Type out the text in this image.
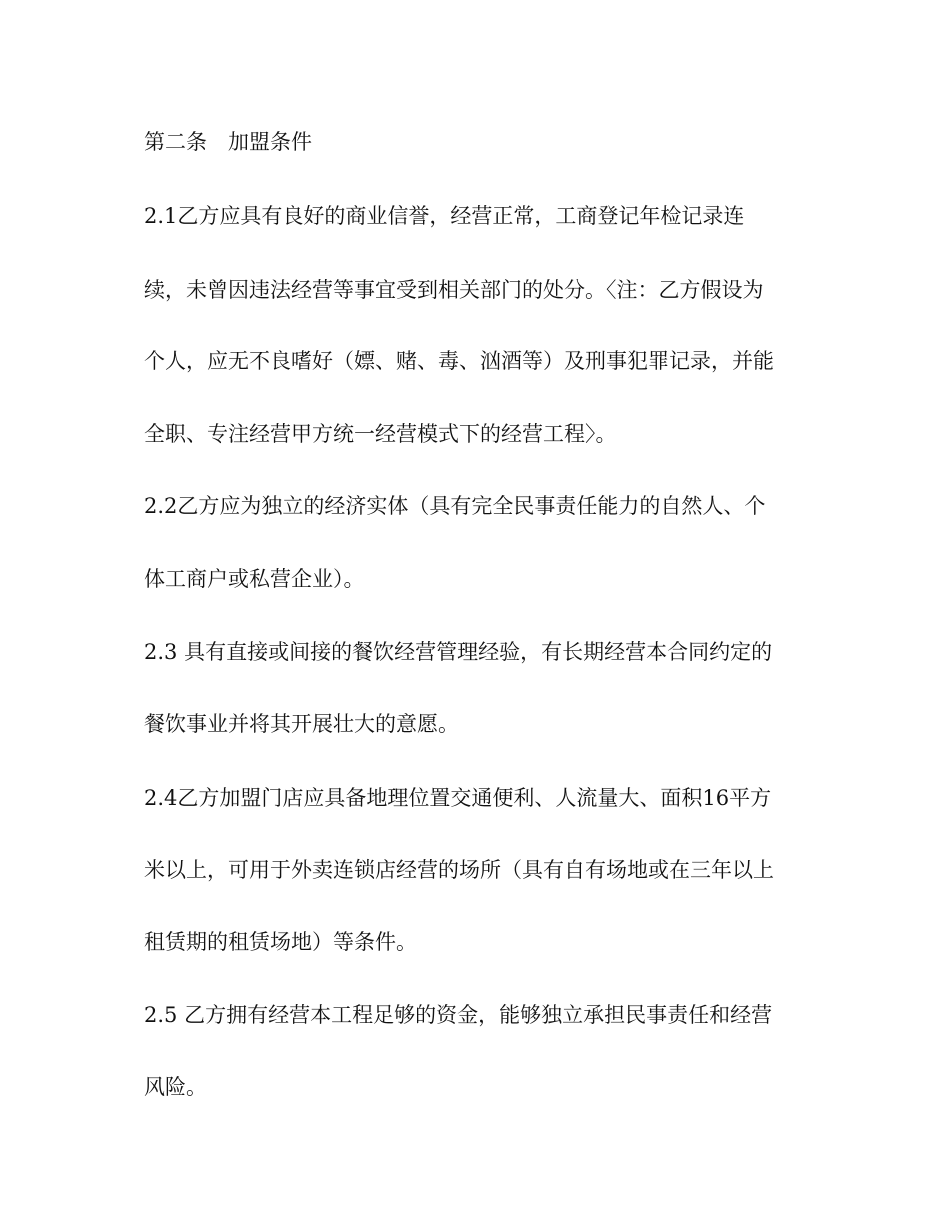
第二条　加盟条件
2.1乙方应具有良好的商业信誉，经营正常，工商登记年检记录连
续，未曾因违法经营等事宜受到相关部门的处分。〈注：乙方假设为
个人，应无不良嗜好（嫖、赌、毒、汹酒等）及刑事犯罪记录，并能
全职、专注经营甲方统一经营模式下的经营工程〉。
2.2乙方应为独立的经济实体（具有完全民事责任能力的自然人、个
体工商户或私营企业）。
2.3 具有直接或间接的餐饮经营管理经验，有长期经营本合同约定的
餐饮事业并将其开展壮大的意愿。
2.4乙方加盟门店应具备地理位置交通便利、人流量大、面积16平方
米以上，可用于外卖连锁店经营的场所（具有自有场地或在三年以上
租赁期的租赁场地）等条件。
2.5 乙方拥有经营本工程足够的资金，能够独立承担民事责任和经营
风险。
